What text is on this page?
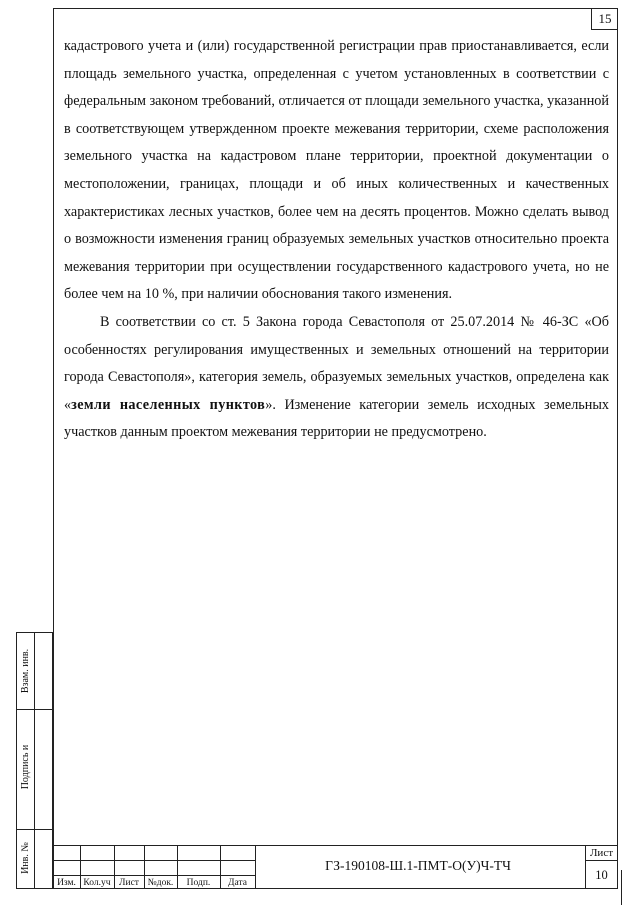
15

кадастрового учета и (или) государственной регистрации прав приостанавливается, если площадь земельного участка, определенная с учетом установленных в соответствии с федеральным законом требований, отличается от площади земельного участка, указанной в соответствующем утвержденном проекте межевания территории, схеме расположения земельного участка на кадастровом плане территории, проектной документации о местоположении, границах, площади и об иных количественных и качественных характеристиках лесных участков, более чем на десять процентов. Можно сделать вывод о возможности изменения границ образуемых земельных участков относительно проекта межевания территории при осуществлении государственного кадастрового учета, но не более чем на 10 %, при наличии обоснования такого изменения.

В соответствии со ст. 5 Закона города Севастополя от 25.07.2014 № 46-ЗС «Об особенностях регулирования имущественных и земельных отношений на территории города Севастополя», категория земель, образуемых земельных участков, определена как «земли населенных пунктов». Изменение категории земель исходных земельных участков данным проектом межевания территории не предусмотрено.

Взам. инв.
Подпись и
Инв. №
Изм. Кол.уч Лист №док.	Подп.	Дата
ГЗ-190108-Ш.1-ПМТ-О(У)Ч-ТЧ
Лист
10
